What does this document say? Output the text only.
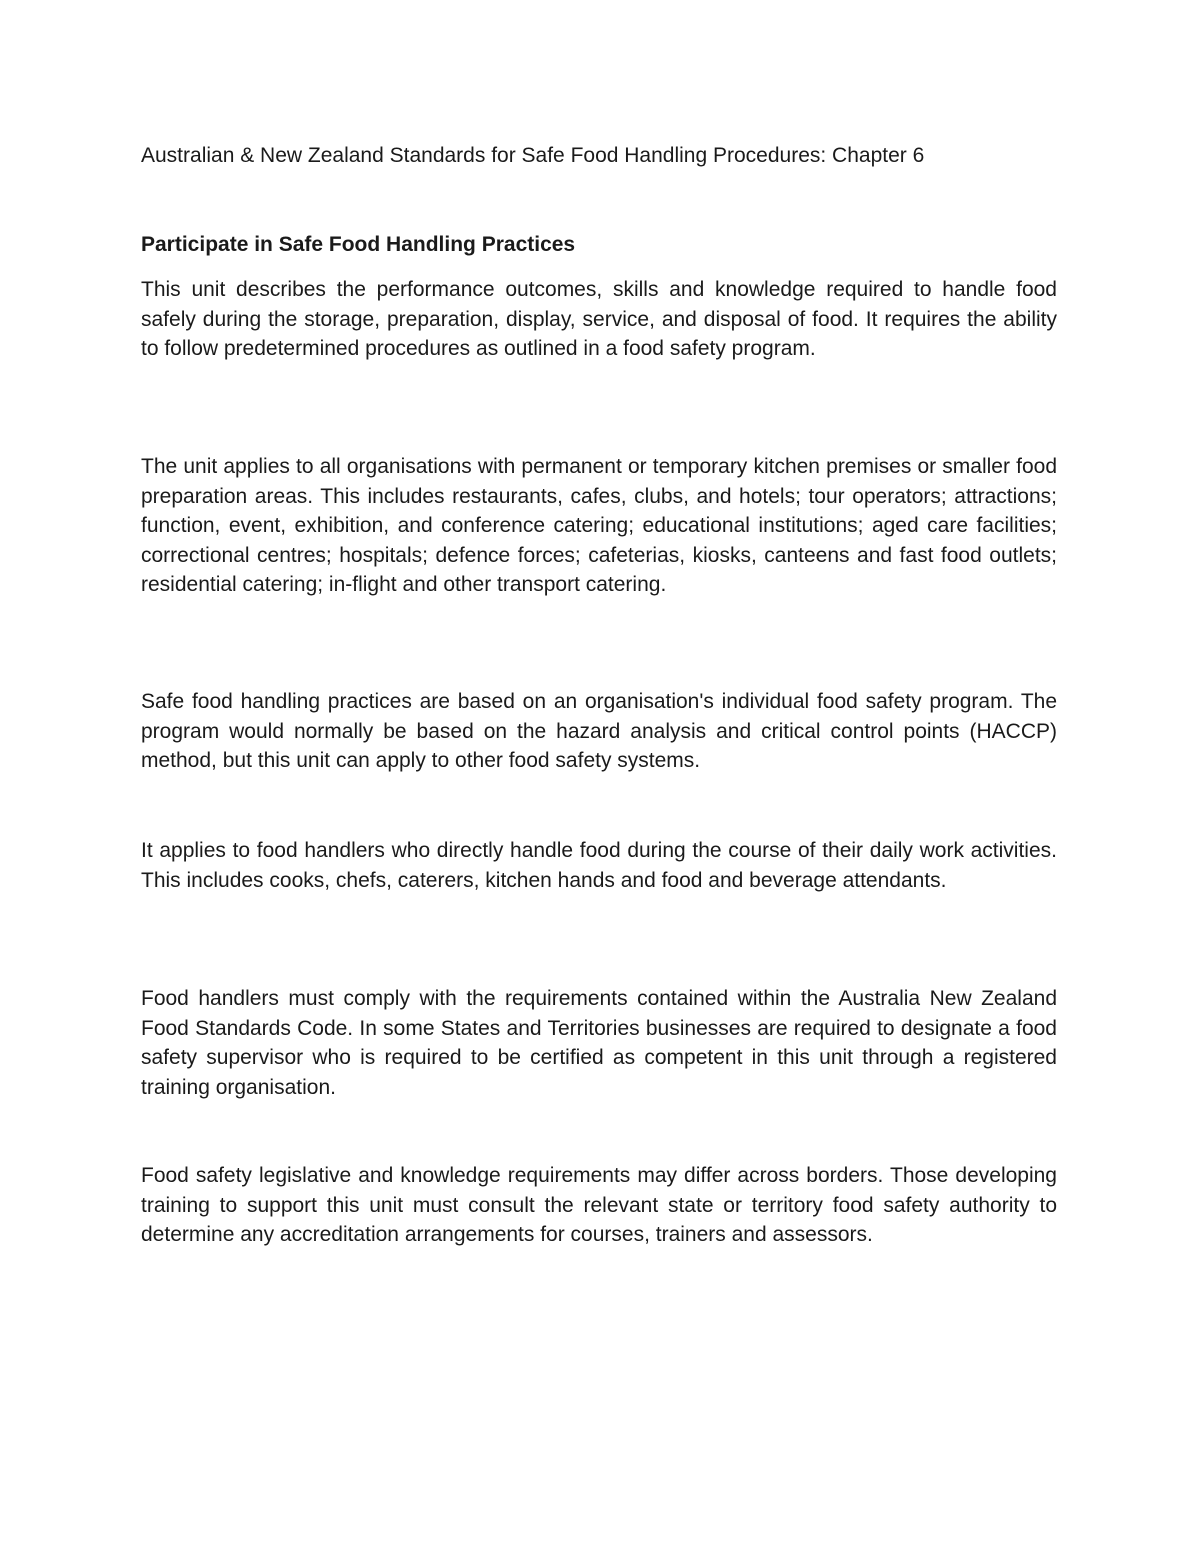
Australian & New Zealand Standards for Safe Food Handling Procedures: Chapter 6

Participate in Safe Food Handling Practices

This unit describes the performance outcomes, skills and knowledge required to handle food safely during the storage, preparation, display, service, and disposal of food. It requires the ability to follow predetermined procedures as outlined in a food safety program.

The unit applies to all organisations with permanent or temporary kitchen premises or smaller food preparation areas. This includes restaurants, cafes, clubs, and hotels; tour operators; attractions; function, event, exhibition, and conference catering; educational institutions; aged care facilities; correctional centres; hospitals; defence forces; cafeterias, kiosks, canteens and fast food outlets; residential catering; in-flight and other transport catering.

Safe food handling practices are based on an organisation's individual food safety program. The program would normally be based on the hazard analysis and critical control points (HACCP) method, but this unit can apply to other food safety systems.

It applies to food handlers who directly handle food during the course of their daily work activities. This includes cooks, chefs, caterers, kitchen hands and food and beverage attendants.

Food handlers must comply with the requirements contained within the Australia New Zealand Food Standards Code. In some States and Territories businesses are required to designate a food safety supervisor who is required to be certified as competent in this unit through a registered training organisation.

Food safety legislative and knowledge requirements may differ across borders. Those developing training to support this unit must consult the relevant state or territory food safety authority to determine any accreditation arrangements for courses, trainers and assessors.
